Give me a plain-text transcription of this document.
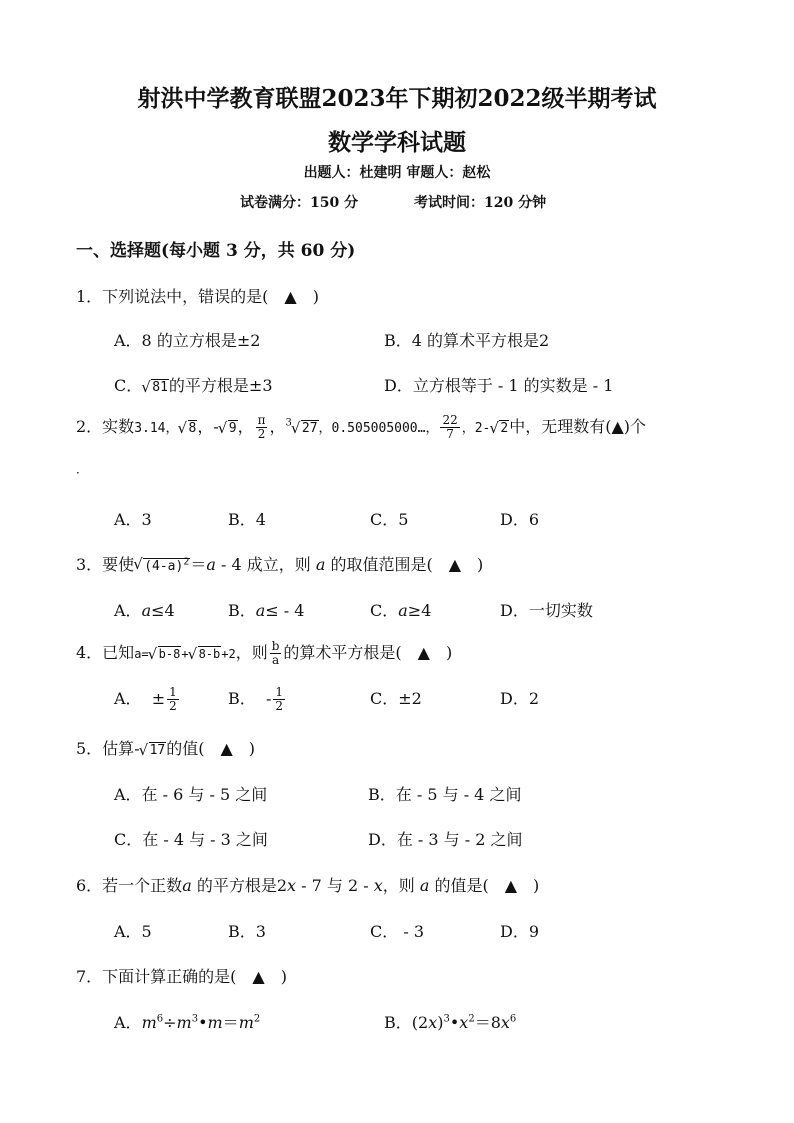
射洪中学教育联盟2023年下期初2022级半期考试
数学学科试题
出题人：杜建明 审题人：赵松
试卷满分：150 分	考试时间：120 分钟
一、选择题(每小题 3 分，共 60 分)
1．下列说法中，错误的是(　▲　)
A．8 的立方根是±2	B．4 的算术平方根是2
C． √ 81的平方根是±3	D．立方根等于 - 1 的实数是 - 1
2．实数3.14， √ 8，- √ 9， $\frac{\pi}{2}$ ，$^3$ √ 27，0.505005000…， $\frac{22}{7}$ ，2- √ 2中，无理数有(▲)个
．
A．3	B．4	C．5	D．6
3．要使 √ $(4-a)^2=a - 4$ 成立，则 a 的取值范围是(　▲　)
A．a≤4	B．a≤ - 4	C．a≥4	D．一切实数
4．已知a= √ b-8+ √ 8-b+2，则 $\frac{b}{a}$ 的算术平方根是(　▲　)
A． ± $\frac{1}{2}$	B． - $\frac{1}{2}$	C．±2	D．2
5．估算- √ 17的值(　▲　)
A．在 - 6 与 - 5 之间	B．在 - 5 与 - 4 之间
C．在 - 4 与 - 3 之间	D．在 - 3 与 - 2 之间
6．若一个正数a 的平方根是2x - 7 与 2 - x，则 a 的值是(　▲　)
A．5	B．3	C． - 3	D．9
7．下面计算正确的是(　▲　)
A．$m^6\div m^3•m=m^2$	B．$(2x)^3•x^2=8x^6$
